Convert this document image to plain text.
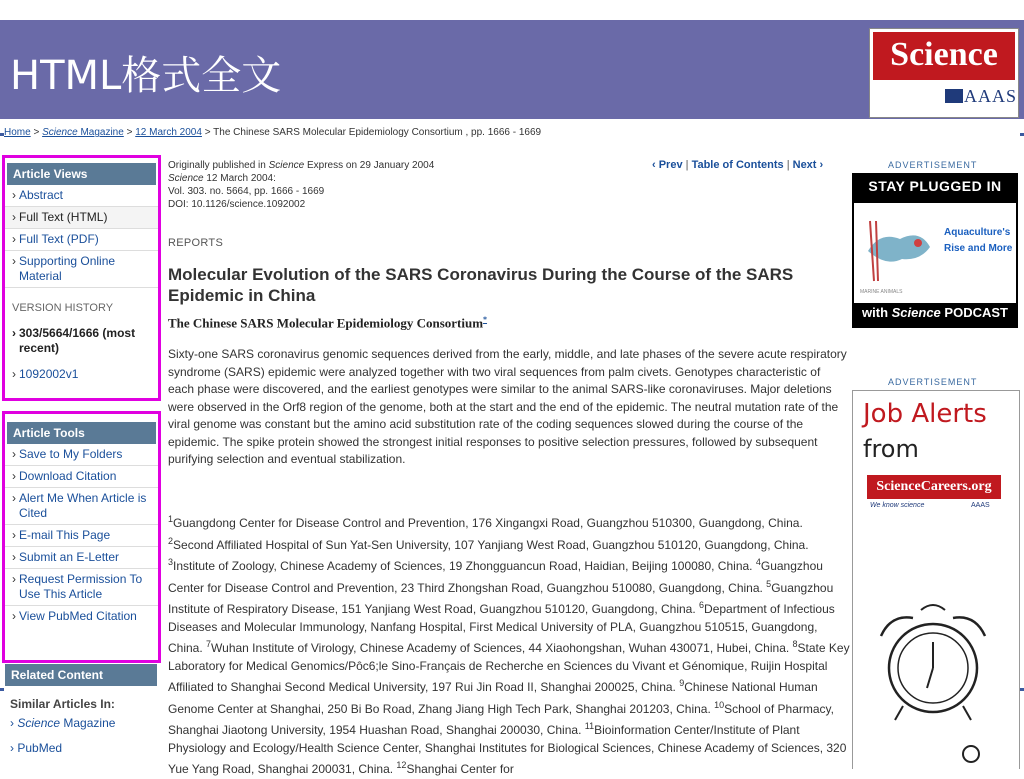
HTML格式全文	Science
AAAS
Home > Science Magazine > 12 March 2004 > The Chinese SARS Molecular Epidemiology Consortium , pp. 1666 - 1669
Article Views
› Abstract
› Full Text (HTML)
› Full Text (PDF)
› Supporting Online Material
VERSION HISTORY
› 303/5664/1666 (most recent)
› 1092002v1
Article Tools
› Save to My Folders
› Download Citation
› Alert Me When Article is Cited
› E-mail This Page
› Submit an E-Letter
› Request Permission To Use This Article
› View PubMed Citation
Related Content
Similar Articles In:
› Science Magazine
› PubMed
Originally published in Science Express on 29 January 2004
Science 12 March 2004:
Vol. 303. no. 5664, pp. 1666 - 1669
DOI: 10.1126/science.1092002
‹ Prev | Table of Contents | Next ›
REPORTS
Molecular Evolution of the SARS Coronavirus During the Course of the SARS Epidemic in China
The Chinese SARS Molecular Epidemiology Consortium*
Sixty-one SARS coronavirus genomic sequences derived from the early, middle, and late phases of the severe acute respiratory syndrome (SARS) epidemic were analyzed together with two viral sequences from palm civets. Genotypes characteristic of each phase were discovered, and the earliest genotypes were similar to the animal SARS-like coronaviruses. Major deletions were observed in the Orf8 region of the genome, both at the start and the end of the epidemic. The neutral mutation rate of the viral genome was constant but the amino acid substitution rate of the coding sequences slowed during the course of the epidemic. The spike protein showed the strongest initial responses to positive selection pressures, followed by subsequent purifying selection and eventual stabilization.
$^1$Guangdong Center for Disease Control and Prevention, 176 Xingangxi Road, Guangzhou 510300, Guangdong, China. $^2$Second Affiliated Hospital of Sun Yat-Sen University, 107 Yanjiang West Road, Guangzhou 510120, Guangdong, China. $^3$Institute of Zoology, Chinese Academy of Sciences, 19 Zhongguancun Road, Haidian, Beijing 100080, China. $^4$Guangzhou Center for Disease Control and Prevention, 23 Third Zhongshan Road, Guangzhou 510080, Guangdong, China. $^5$Guangzhou Institute of Respiratory Disease, 151 Yanjiang West Road, Guangzhou 510120, Guangdong, China. $^6$Department of Infectious Diseases and Molecular Immunology, Nanfang Hospital, First Medical University of PLA, Guangzhou 510515, Guangdong, China. $^7$Wuhan Institute of Virology, Chinese Academy of Sciences, 44 Xiaohongshan, Wuhan 430071, Hubei, China. $^8$State Key Laboratory for Medical Genomics/Pôc6;le Sino-Français de Recherche en Sciences du Vivant et Génomique, Ruijin Hospital Affiliated to Shanghai Second Medical University, 197 Rui Jin Road II, Shanghai 200025, China. $^9$Chinese National Human Genome Center at Shanghai, 250 Bi Bo Road, Zhang Jiang High Tech Park, Shanghai 201203, China. $^{10}$School of Pharmacy, Shanghai Jiaotong University, 1954 Huashan Road, Shanghai 200030, China. $^{11}$Bioinformation Center/Institute of Plant Physiology and Ecology/Health Science Center, Shanghai Institutes for Biological Sciences, Chinese Academy of Sciences, 320 Yue Yang Road, Shanghai 200031, China. $^{12}$Shanghai Center for
ADVERTISEMENT
STAY PLUGGED IN
MARINE ANIMALS
Aquaculture's Rise and More
with Science PODCAST
ADVERTISEMENT
Job Alerts
from
ScienceCareers.org
We know science	AAAS
